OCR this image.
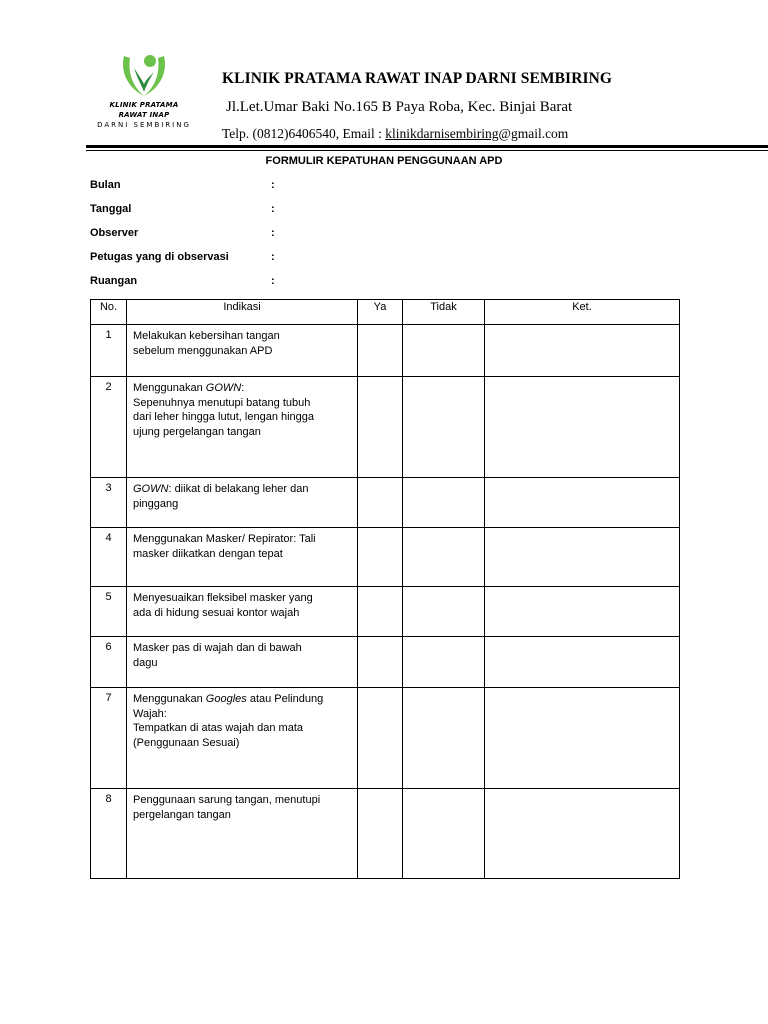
KLINIK PRATAMA
RAWAT INAP
DARNI SEMBIRING
KLINIK PRATAMA RAWAT INAP DARNI SEMBIRING
Jl.Let.Umar Baki No.165 B Paya Roba, Kec. Binjai Barat
Telp. (0812)6406540, Email : klinikdarnisembiring@gmail.com
FORMULIR KEPATUHAN PENGGUNAAN APD
Bulan	:
Tanggal	:
Observer	:
Petugas yang di observasi	:
Ruangan	:
No.	Indikasi	Ya	Tidak	Ket.
1	Melakukan kebersihan tangan
sebelum menggunakan APD			
2	Menggunakan GOWN:
Sepenuhnya menutupi batang tubuh
dari leher hingga lutut, lengan hingga
ujung pergelangan tangan			
3	GOWN: diikat di belakang leher dan
pinggang			
4	Menggunakan Masker/ Repirator: Tali
masker diikatkan dengan tepat			
5	Menyesuaikan fleksibel masker yang
ada di hidung sesuai kontor wajah			
6	Masker pas di wajah dan di bawah
dagu			
7	Menggunakan Googles atau Pelindung
Wajah:
Tempatkan di atas wajah dan mata
(Penggunaan Sesuai)			
8	Penggunaan sarung tangan, menutupi
pergelangan tangan			
